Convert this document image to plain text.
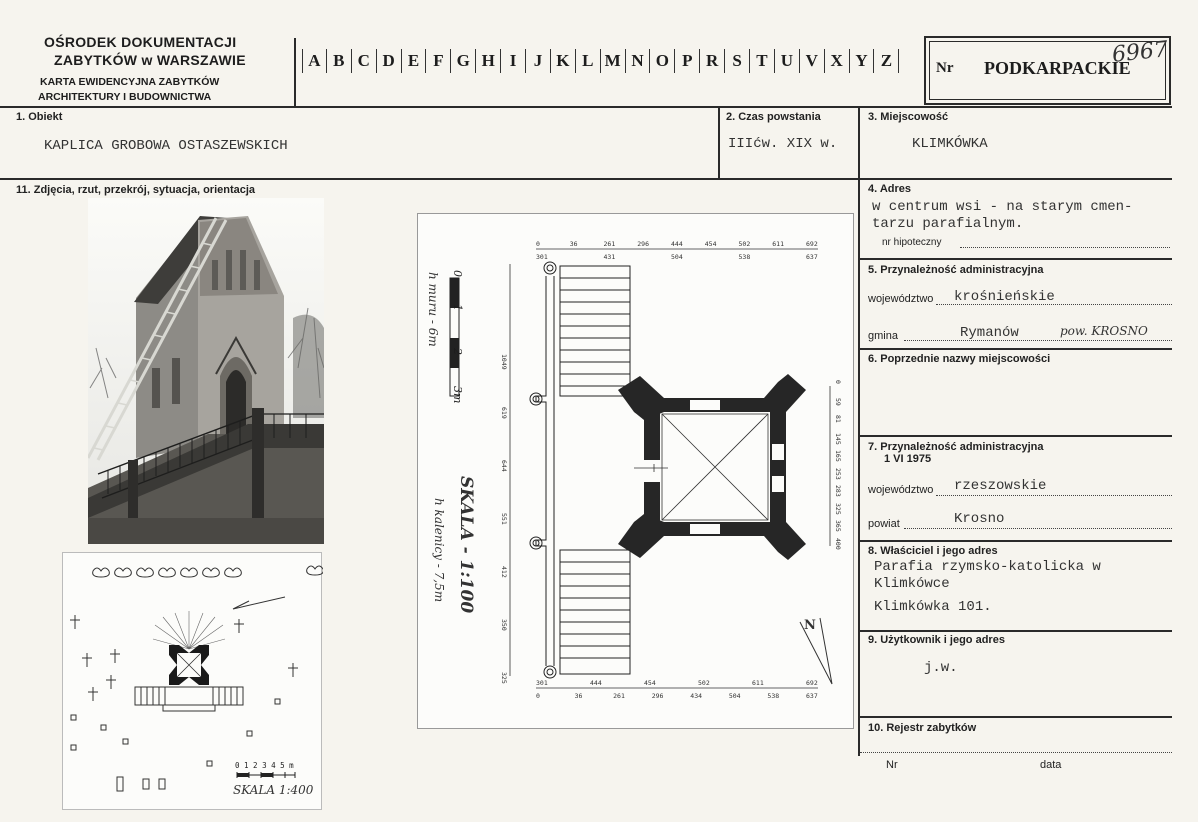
OŚRODEK DOKUMENTACJI
ZABYTKÓW w WARSZAWIE
KARTA EWIDENCYJNA ZABYTKÓW
ARCHITEKTURY I BUDOWNICTWA
A B C D E F G H I	J K L M N O P R S T U V X Y Z	Nr PODKARPACKIE
6967
1. Obiekt
KAPLICA GROBOWA OSTASZEWSKICH
2. Czas powstania
IIIćw. XIX w.
3. Miejscowość
KLIMKÓWKA
11. Zdjęcia, rzut, przekrój, sytuacja, orientacja
0 1 2 3 4 5 m
SKALA 1:400
0
1
2
3m
h muru - 6m
SKALA - 1:100
h kalenicy - 7,5m
N
0	36	261	296	444	454	502	611	692
301	431	504	538	637
301	444	454	502	611	692
0	36	261	296	434	504	538	637
1049
619
644
551
412
350
325
0
59
81
145
165
253
283
325
365
400
4. Adres
w centrum wsi - na starym cmen-
tarzu parafialnym.
nr hipoteczny
5. Przynależność administracyjna
województwo krośnieńskie
gmina	Rymanów	pow. KROSNO
6. Poprzednie nazwy miejscowości
7. Przynależność administracyjna
1 VI 1975
województwo rzeszowskie
powiat	Krosno
8. Właściciel i jego adres
Parafia rzymsko-katolicka w
Klimkówce
Klimkówka 101.
9. Użytkownik i jego adres
j.w.
10. Rejestr zabytków
Nr	data
